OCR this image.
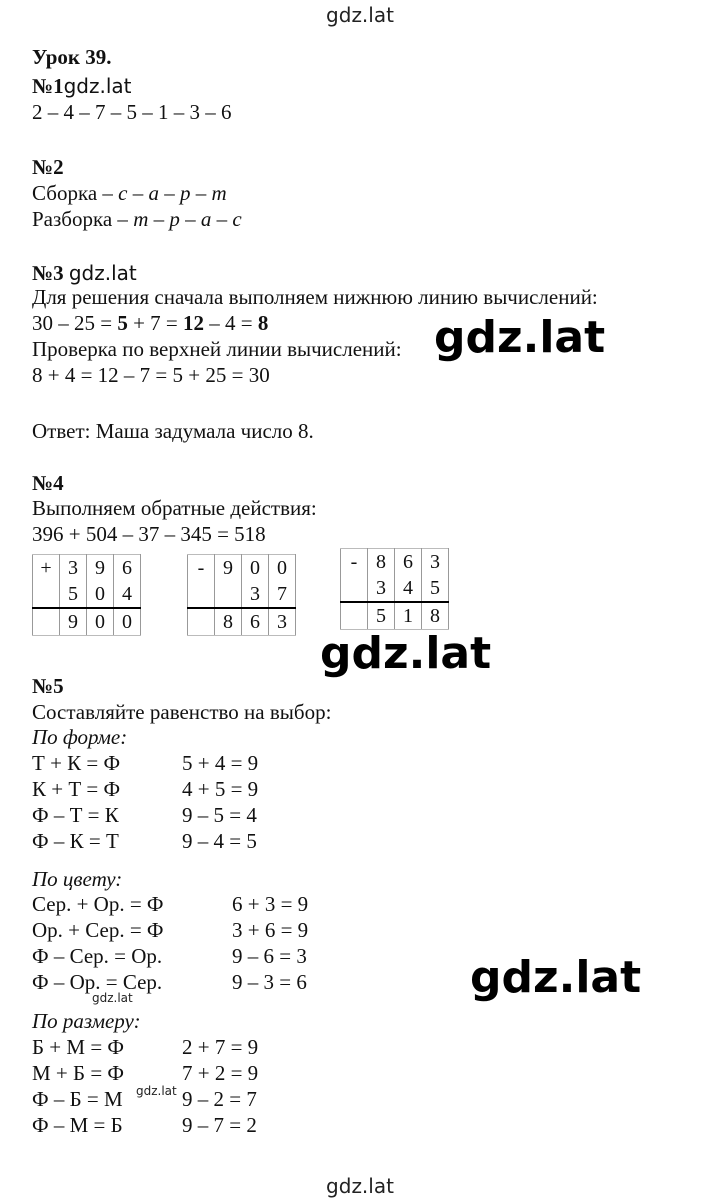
gdz.lat
Урок 39.
№1gdz.lat
2 – 4 – 7 – 5 – 1 – 3 – 6
№2
Сборка – с – а – р – т
Разборка – т – р – а – с
№3 gdz.lat
Для решения сначала выполняем нижнюю линию вычислений:
30 – 25 = 5 + 7 = 12 – 4 = 8
Проверка по верхней линии вычислений: gdz.lat
8 + 4 = 12 – 7 = 5 + 25 = 30
Ответ: Маша задумала число 8.
№4
Выполняем обратные действия:
396 + 504 – 37 – 345 = 518
+	3	9	6
	5	0	4
	9	0	0
-	9	0	0
		3	7
	8	6	3
-	8	6	3
	3	4	5
	5	1	8
gdz.lat
№5
Составляйте равенство на выбор:
По форме:
Т + К = Ф	5 + 4 = 9
К + Т = Ф	4 + 5 = 9
Ф – Т = К	9 – 5 = 4
Ф – К = Т	9 – 4 = 5
По цвету:
Сер. + Ор. = Ф	6 + 3 = 9
Ор. + Сер. = Ф	3 + 6 = 9
Ф – Сер. = Ор.	9 – 6 = 3
Ф – Ор. = Сер.	9 – 3 = 6
gdz.lat	gdz.lat
По размеру:
Б + М = Ф	2 + 7 = 9
М + Б = Ф	7 + 2 = 9
Ф – Б = М gdz.lat 9 – 2 = 7
Ф – М = Б	9 – 7 = 2
gdz.lat
